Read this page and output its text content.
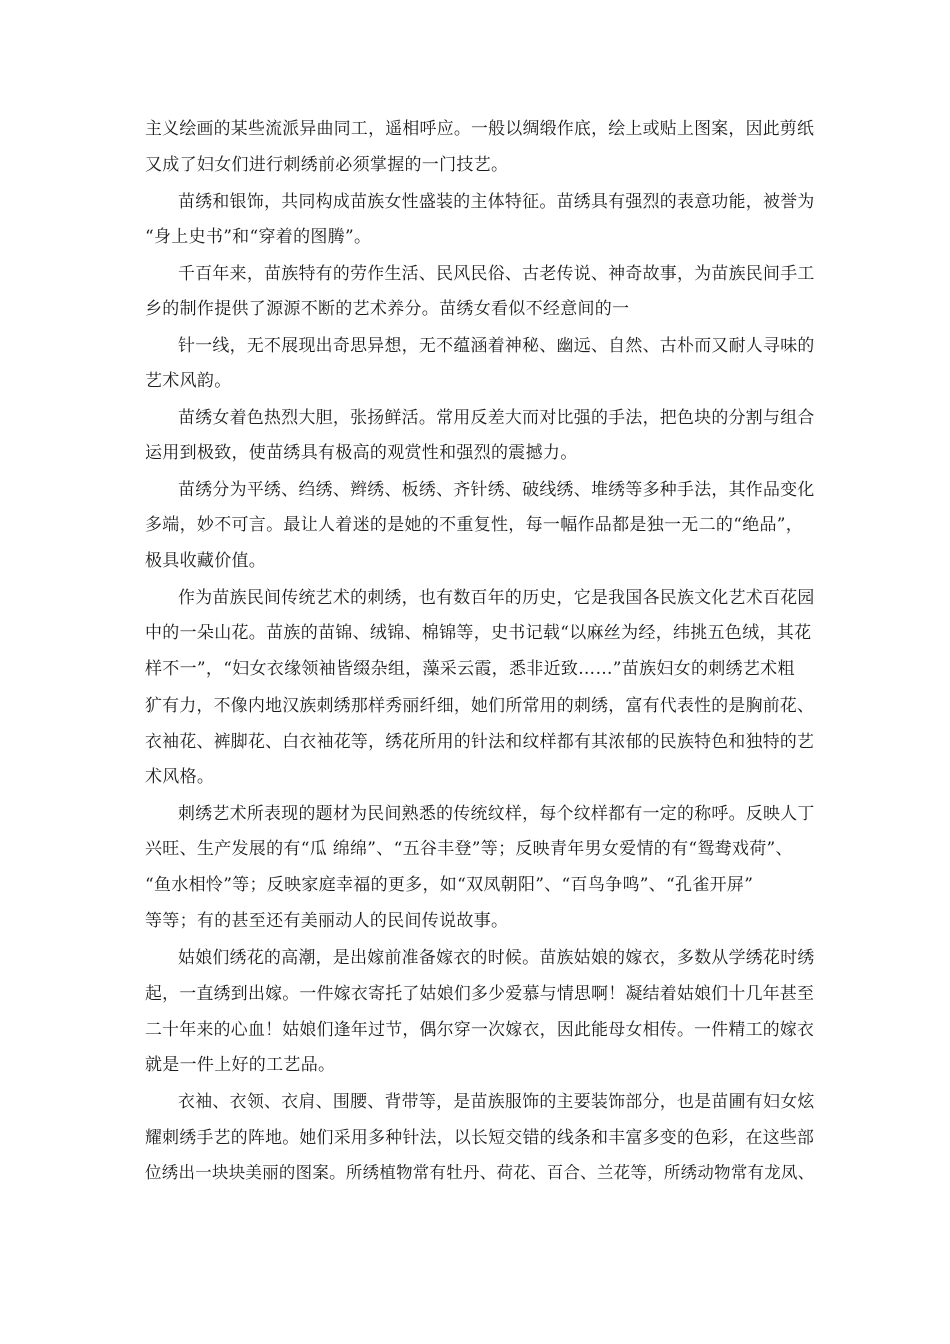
主义绘画的某些流派异曲同工，遥相呼应。一般以绸缎作底，绘上或贴上图案，因此剪纸
又成了妇女们进行刺绣前必须掌握的一门技艺。
苗绣和银饰，共同构成苗族女性盛装的主体特征。苗绣具有强烈的表意功能，被誉为
“身上史书”和“穿着的图腾”。
千百年来，苗族特有的劳作生活、民风民俗、古老传说、神奇故事，为苗族民间手工
乡的制作提供了源源不断的艺术养分。苗绣女看似不经意间的一
针一线，无不展现出奇思异想，无不蕴涵着神秘、幽远、自然、古朴而又耐人寻味的
艺术风韵。
苗绣女着色热烈大胆，张扬鲜活。常用反差大而对比强的手法，把色块的分割与组合
运用到极致，使苗绣具有极高的观赏性和强烈的震撼力。
苗绣分为平绣、绉绣、辫绣、板绣、齐针绣、破线绣、堆绣等多种手法，其作品变化
多端，妙不可言。最让人着迷的是她的不重复性，每一幅作品都是独一无二的“绝品”，
极具收藏价值。
作为苗族民间传统艺术的刺绣，也有数百年的历史，它是我国各民族文化艺术百花园
中的一朵山花。苗族的苗锦、绒锦、棉锦等，史书记载“以麻丝为经，纬挑五色绒，其花
样不一”，“妇女衣缘领袖皆缀杂组，藻采云霞，悉非近致……”苗族妇女的刺绣艺术粗
犷有力，不像内地汉族刺绣那样秀丽纤细，她们所常用的刺绣，富有代表性的是胸前花、
衣袖花、裤脚花、白衣袖花等，绣花所用的针法和纹样都有其浓郁的民族特色和独特的艺
术风格。
刺绣艺术所表现的题材为民间熟悉的传统纹样，每个纹样都有一定的称呼。反映人丁
兴旺、生产发展的有“瓜 绵绵”、“五谷丰登”等；反映青年男女爱情的有“鸳鸯戏荷”、
“鱼水相怜”等；反映家庭幸福的更多，如“双凤朝阳”、“百鸟争鸣”、“孔雀开屏”
等等；有的甚至还有美丽动人的民间传说故事。
姑娘们绣花的高潮，是出嫁前准备嫁衣的时候。苗族姑娘的嫁衣，多数从学绣花时绣
起，一直绣到出嫁。一件嫁衣寄托了姑娘们多少爱慕与情思啊！凝结着姑娘们十几年甚至
二十年来的心血！姑娘们逢年过节，偶尔穿一次嫁衣，因此能母女相传。一件精工的嫁衣
就是一件上好的工艺品。
衣袖、衣领、衣肩、围腰、背带等，是苗族服饰的主要装饰部分，也是苗圃有妇女炫
耀刺绣手艺的阵地。她们采用多种针法，以长短交错的线条和丰富多变的色彩，在这些部
位绣出一块块美丽的图案。所绣植物常有牡丹、荷花、百合、兰花等，所绣动物常有龙凤、
